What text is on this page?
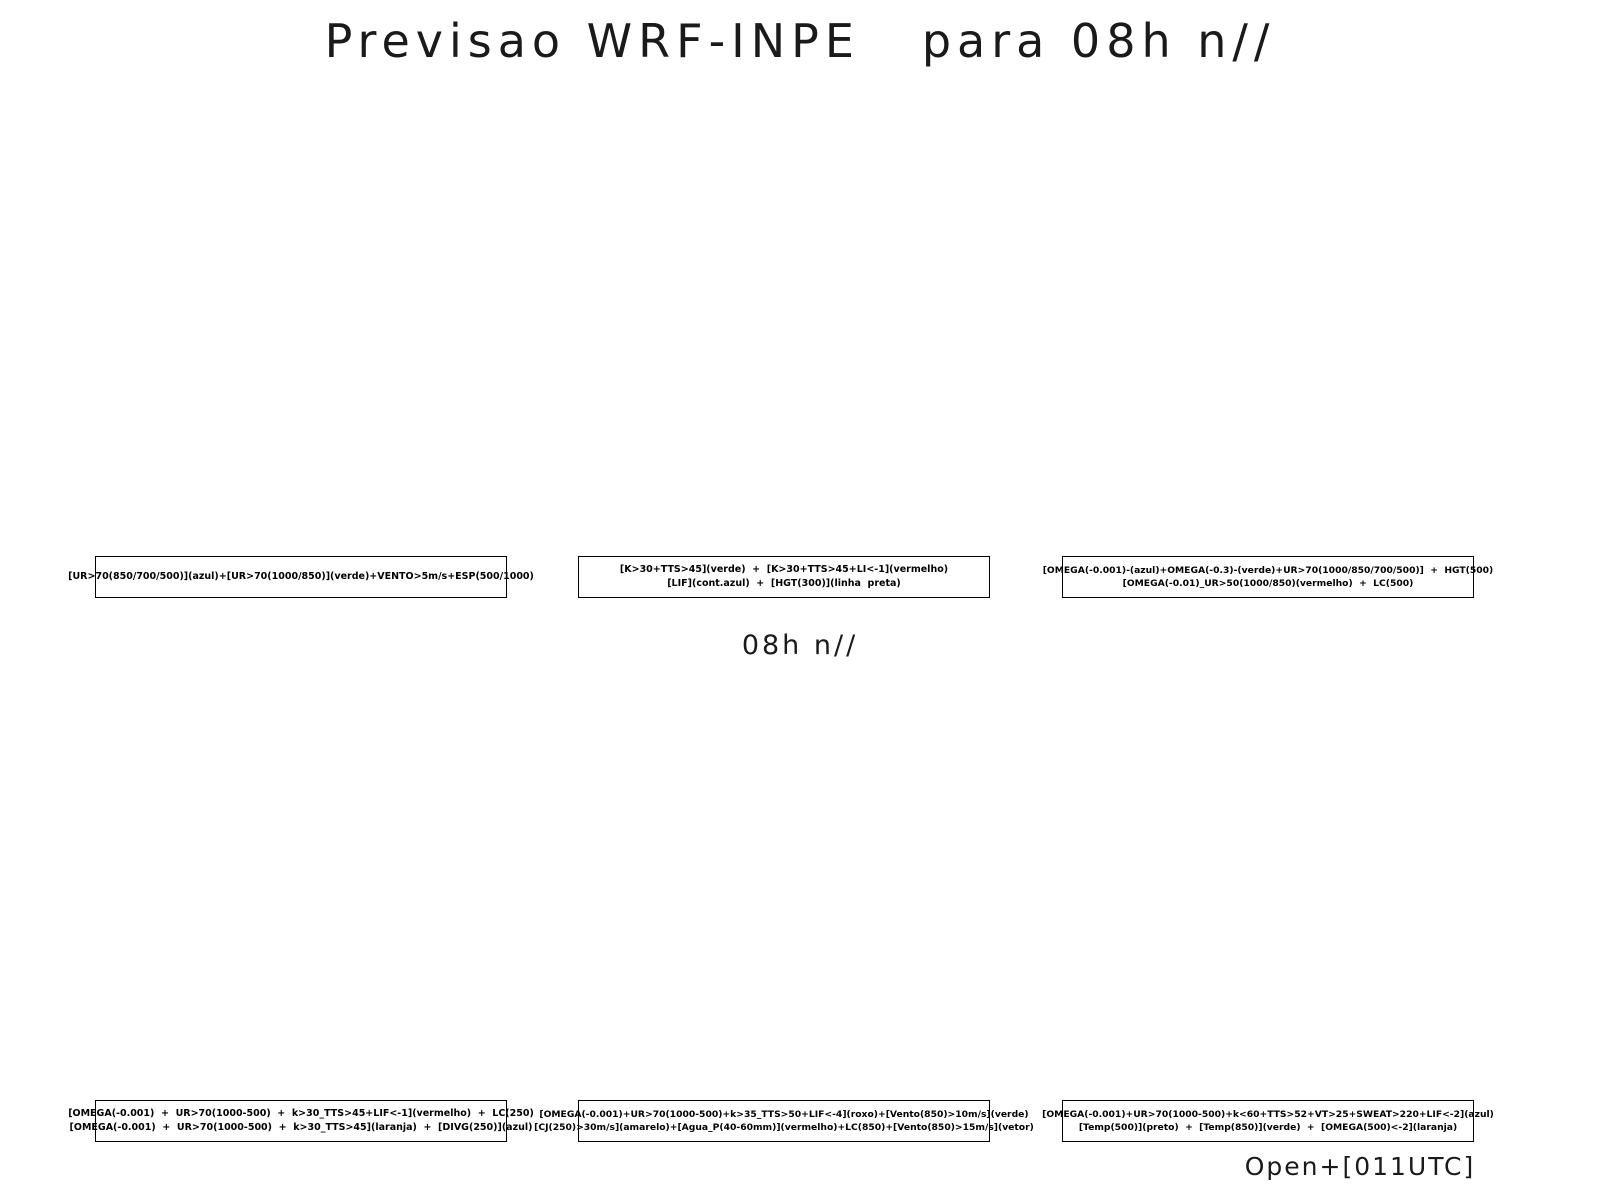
Previsao WRF-INPE   para 08h n//
[UR>70(850/700/500)](azul)+[UR>70(1000/850)](verde)+VENTO>5m/s+ESP(500/1000)
[K>30+TTS>45](verde)  +  [K>30+TTS>45+LI<-1](vermelho)
[LIF](cont.azul)  +  [HGT(300)](linha  preta)
[OMEGA(-0.001)-(azul)+OMEGA(-0.3)-(verde)+UR>70(1000/850/700/500)]  +  HGT(500)
[OMEGA(-0.01)_UR>50(1000/850)(vermelho)  +  LC(500)
08h n//
[OMEGA(-0.001)  +  UR>70(1000-500)  +  k>30_TTS>45+LIF<-1](vermelho)  +  LC(250)
[OMEGA(-0.001)  +  UR>70(1000-500)  +  k>30_TTS>45](laranja)  +  [DIVG(250)](azul)
[OMEGA(-0.001)+UR>70(1000-500)+k>35_TTS>50+LIF<-4](roxo)+[Vento(850)>10m/s](verde)
[CJ(250)>30m/s](amarelo)+[Agua_P(40-60mm)](vermelho)+LC(850)+[Vento(850)>15m/s](vetor)
[OMEGA(-0.001)+UR>70(1000-500)+k<60+TTS>52+VT>25+SWEAT>220+LIF<-2](azul)
[Temp(500)](preto)  +  [Temp(850)](verde)  +  [OMEGA(500)<-2](laranja)
Open+[011UTC]
